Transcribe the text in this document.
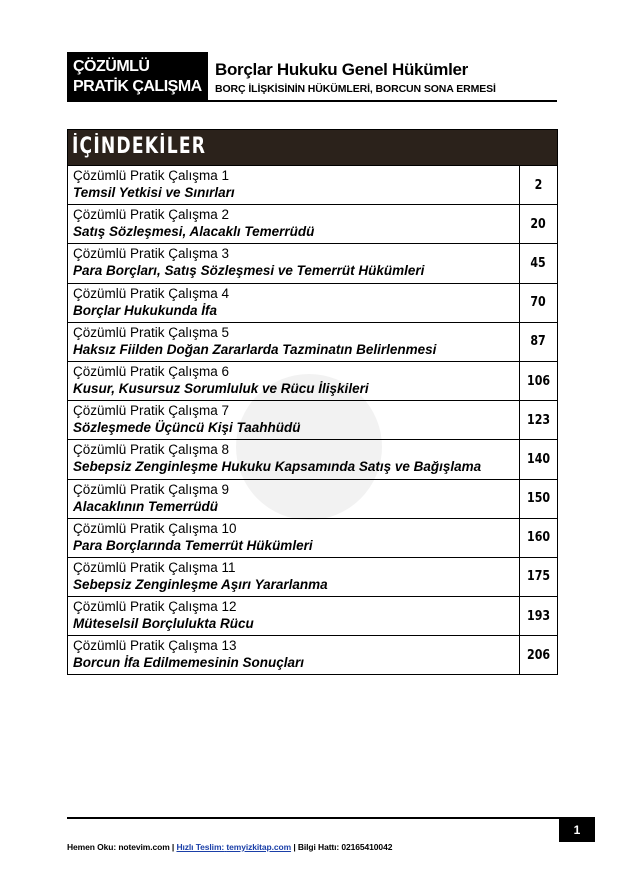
ÇÖZÜMLÜ
PRATİK ÇALIŞMA
Borçlar Hukuku Genel Hükümler
BORÇ İLİŞKİSİNİN HÜKÜMLERİ, BORCUN SONA ERMESİ
İÇİNDEKİLER
Çözümlü Pratik Çalışma 1
Temsil Yetkisi ve Sınırları	2
Çözümlü Pratik Çalışma 2
Satış Sözleşmesi, Alacaklı Temerrüdü	20
Çözümlü Pratik Çalışma 3
Para Borçları, Satış Sözleşmesi ve Temerrüt Hükümleri	45
Çözümlü Pratik Çalışma 4
Borçlar Hukukunda İfa	70
Çözümlü Pratik Çalışma 5
Haksız Fiilden Doğan Zararlarda Tazminatın Belirlenmesi	87
Çözümlü Pratik Çalışma 6
Kusur, Kusursuz Sorumluluk ve Rücu İlişkileri	106
Çözümlü Pratik Çalışma 7
Sözleşmede Üçüncü Kişi Taahhüdü	123
Çözümlü Pratik Çalışma 8
Sebepsiz Zenginleşme Hukuku Kapsamında Satış ve Bağışlama	140
Çözümlü Pratik Çalışma 9
Alacaklının Temerrüdü	150
Çözümlü Pratik Çalışma 10
Para Borçlarında Temerrüt Hükümleri	160
Çözümlü Pratik Çalışma 11
Sebepsiz Zenginleşme Aşırı Yararlanma	175
Çözümlü Pratik Çalışma 12
Müteselsil Borçlulukta Rücu	193
Çözümlü Pratik Çalışma 13
Borcun İfa Edilmemesinin Sonuçları	206
1
Hemen Oku: notevim.com | Hızlı Teslim: temyizkitap.com | Bilgi Hattı: 02165410042
